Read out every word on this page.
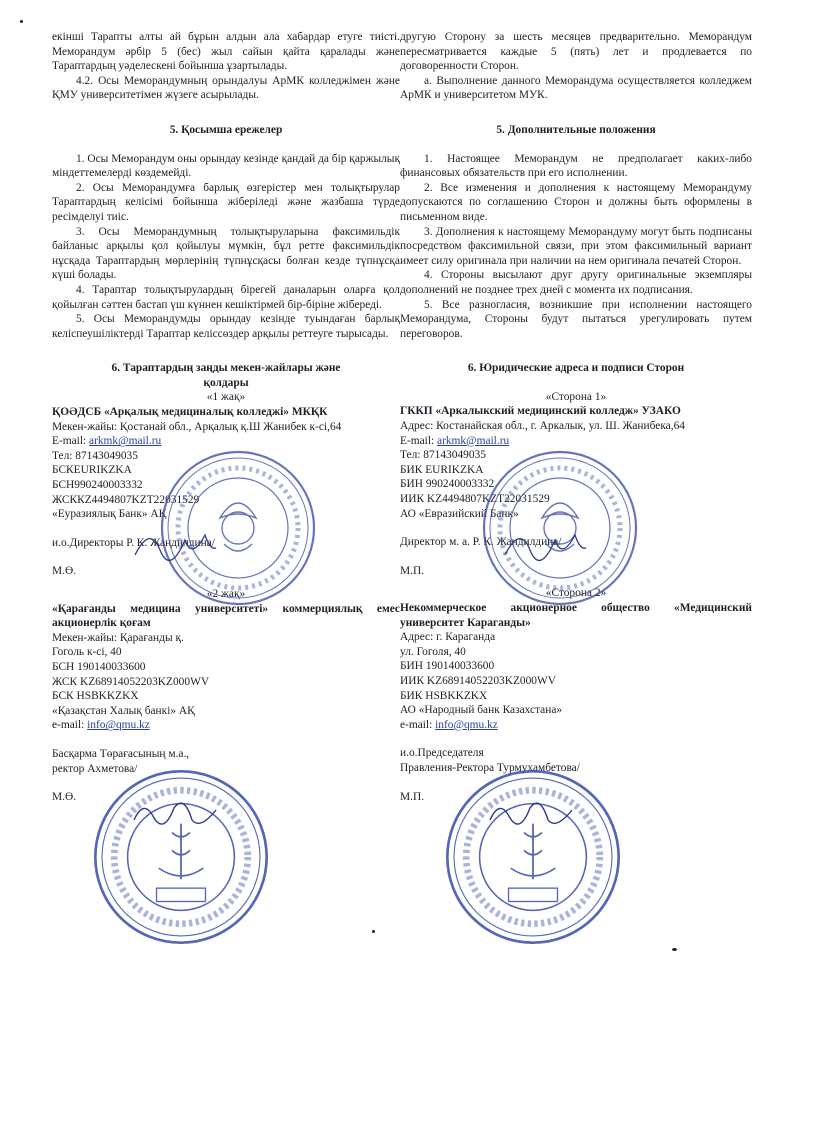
екінші Тарапты алты ай бұрын алдын ала хабардар етуге тиісті. Меморандум әрбір 5 (бес) жыл сайын қайта қаралады және Тараптардың уәделескені бойынша ұзартылады.

4.2. Осы Меморандумның орындалуы АрМК колледжімен және ҚМУ университетімен жүзеге асырылады.

5. Қосымша ережелер

1. Осы Меморандум оны орындау кезінде қандай да бір қаржылық міндеттемелерді көздемейді.

2. Осы Меморандумға барлық өзгерістер мен толықтырулар Тараптардың келісімі бойынша жіберіледі және жазбаша түрде ресімделуі тиіс.

3. Осы Меморандумның толықтыруларына факсимильдік байланыс арқылы қол қойылуы мүмкін, бұл ретте факсимильдік нұсқада Тараптардың мөрлерінің түпнұсқасы болған кезде түпнұсқа күші болады.

4. Тараптар толықтырулардың бірегей даналарын оларға қол қойылған сәттен бастап үш күннен кешіктірмей бір-біріне жібереді.

5. Осы Меморандумды орындау кезінде туындаған барлық келіспеушіліктерді Тараптар келіссөздер арқылы реттеуге тырысады.

6. Тараптардың заңды мекен-жайлары және
қолдары

«1 жақ»

ҚОӘДСБ «Арқалық медициналық колледжі» МКҚК

Мекен-жайы: Қостанай обл., Арқалық қ.Ш Жанибек к-сі,64

E-mail: arkmk@mail.ru

Тел: 87143049035

БСКEURIKZKA

БСН990240003332

ЖСККZ4494807KZT22031529

«Еуразиялық Банк» АҚ

и.о.Директоры Р. К. Жандилдина/

М.Ө.

«2 жақ»

«Қарағанды медицина университеті» коммерциялық емес акционерлік қоғам

Мекен-жайы: Қарағанды қ.

Гоголь к-сі, 40

БСН 190140033600

ЖСК KZ68914052203KZ000WV

БСК HSBKKZKX

«Қазақстан Халық банкі» АҚ

e-mail: info@qmu.kz

Басқарма Төрағасының м.а.,

ректор Ахметова/

М.Ө.

другую Сторону за шесть месяцев предварительно. Меморандум пересматривается каждые 5 (пять) лет и продлевается по договоренности Сторон.

а. Выполнение данного Меморандума осуществляется колледжем АрМК и университетом МУК.

5. Дополнительные положения

1. Настоящее Меморандум не предполагает каких-либо финансовых обязательств при его исполнении.

2. Все изменения и дополнения к настоящему Меморандуму допускаются по соглашению Сторон и должны быть оформлены в письменном виде.

3. Дополнения к настоящему Меморандуму могут быть подписаны посредством факсимильной связи, при этом факсимильный вариант имеет силу оригинала при наличии на нем оригинала печатей Сторон.

4. Стороны высылают друг другу оригинальные экземпляры дополнений не позднее трех дней с момента их подписания.

5. Все разногласия, возникшие при исполнении настоящего Меморандума, Стороны будут пытаться урегулировать путем переговоров.

6. Юридические адреса и подписи Сторон

«Сторона 1»

ГККП «Аркалыкский медицинский колледж» УЗАКО

Адрес: Костанайская обл., г. Аркалык, ул. Ш. Жанибека,64

E-mail: arkmk@mail.ru

Тел: 87143049035

БИК EURIKZKA

БИН 990240003332

ИИК KZ4494807KZT22031529

АО «Евразийский Банк»

Директор м. а. Р. К. Жандилдина/

М.П.

«Сторона 2»

Некоммерческое акционерное общество «Медицинский университет Караганды»

Адрес: г. Караганда

ул. Гоголя, 40

БИН 190140033600

ИИК KZ68914052203KZ000WV

БИК HSBKKZKX

АО «Народный банк Казахстана»

e-mail: info@qmu.kz

и.о.Председателя

Правления-Ректора Турмухамбетова/

М.П.
